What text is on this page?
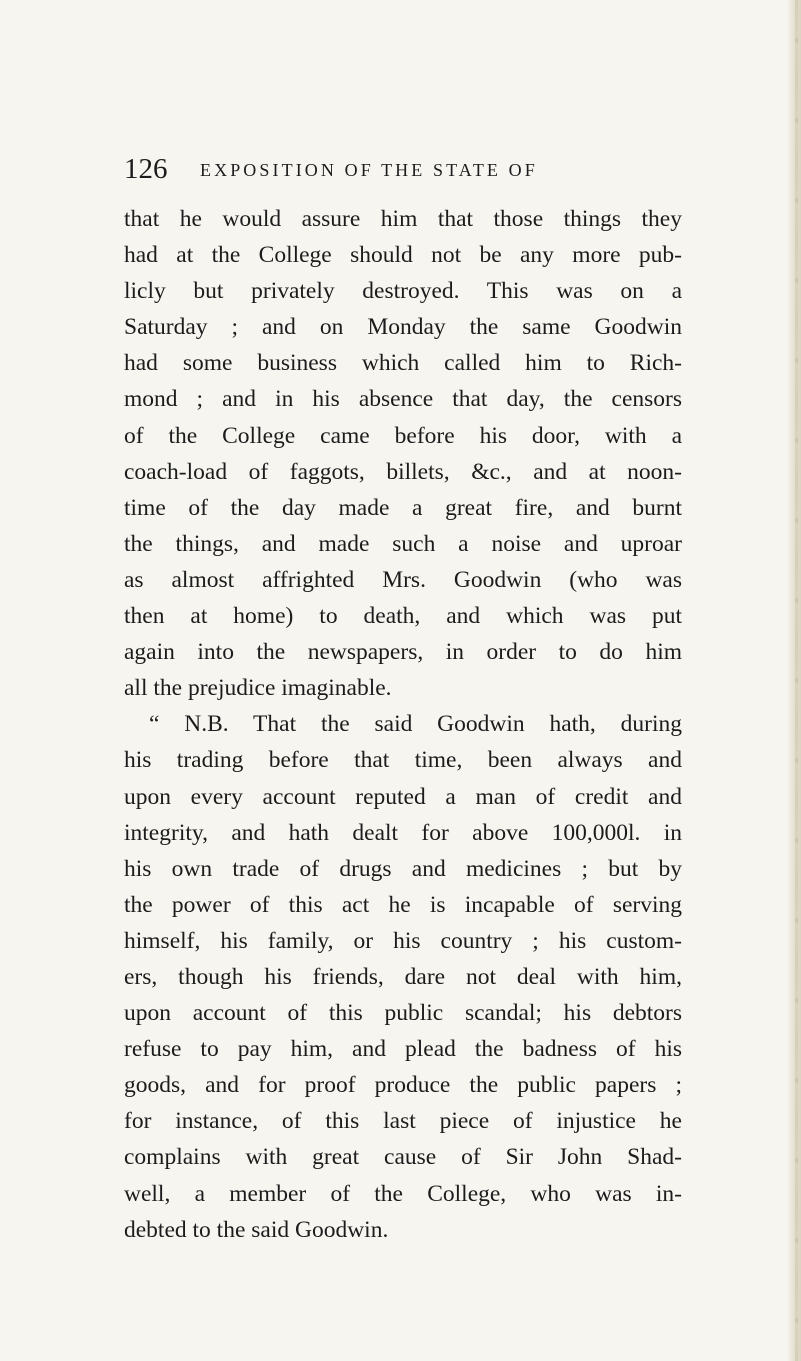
126 EXPOSITION OF THE STATE OF
that he would assure him that those things they
had at the College should not be any more pub-
licly but privately destroyed. This was on a
Saturday ; and on Monday the same Goodwin
had some business which called him to Rich-
mond ; and in his absence that day, the censors
of the College came before his door, with a
coach-load of faggots, billets, &c., and at noon-
time of the day made a great fire, and burnt
the things, and made such a noise and uproar
as almost affrighted Mrs. Goodwin (who was
then at home) to death, and which was put
again into the newspapers, in order to do him
all the prejudice imaginable.
“ N.B. That the said Goodwin hath, during
his trading before that time, been always and
upon every account reputed a man of credit and
integrity, and hath dealt for above 100,000l. in
his own trade of drugs and medicines ; but by
the power of this act he is incapable of serving
himself, his family, or his country ; his custom-
ers, though his friends, dare not deal with him,
upon account of this public scandal; his debtors
refuse to pay him, and plead the badness of his
goods, and for proof produce the public papers ;
for instance, of this last piece of injustice he
complains with great cause of Sir John Shad-
well, a member of the College, who was in-
debted to the said Goodwin.
